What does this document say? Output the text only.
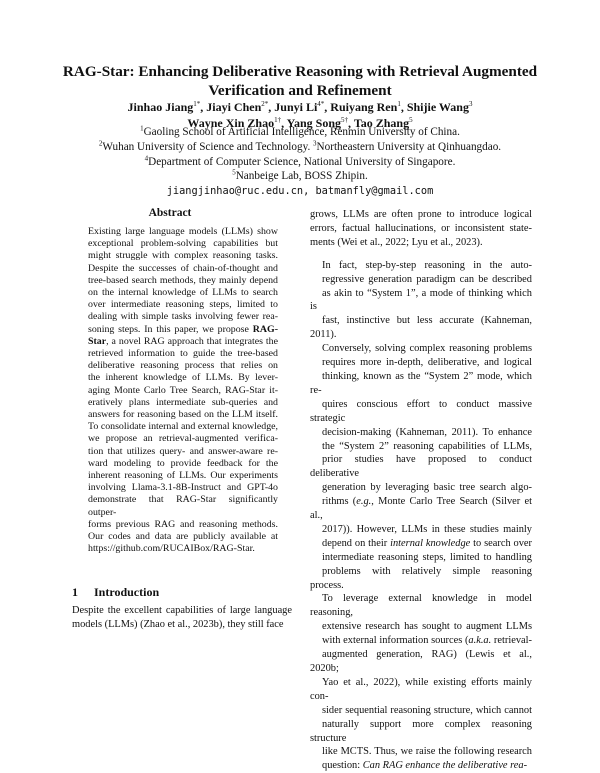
RAG-Star: Enhancing Deliberative Reasoning with Retrieval Augmented
Verification and Refinement
Jinhao Jiang$^{1*}$, Jiayi Chen$^{2*}$, Junyi $Li^{4*}$, Ruiyang Ren$^1$, Shijie Wang$^3$
Wayne Xin Zhao$^{1\dagger}$, Yang Song$^{5\dagger}$, Tao Zhang$^5$
$^1$Gaoling School of Artificial Intelligence, Renmin University of China.
$^2$Wuhan University of Science and Technology. $^3$Northeastern University at Qinhuangdao.
$^4$Department of Computer Science, National University of Singapore.
$^5$Nanbeige Lab, BOSS Zhipin.
jiangjinhao@ruc.edu.cn, batmanfly@gmail.com
Abstract
Existing large language models (LLMs) show
exceptional problem-solving capabilities but
might struggle with complex reasoning tasks.
Despite the successes of chain-of-thought and
tree-based search methods, they mainly depend
on the internal knowledge of LLMs to search
over intermediate reasoning steps, limited to
dealing with simple tasks involving fewer rea-
soning steps. In this paper, we propose RAG-
Star, a novel RAG approach that integrates the
retrieved information to guide the tree-based
deliberative reasoning process that relies on
the inherent knowledge of LLMs. By lever-
aging Monte Carlo Tree Search, RAG-Star it-
eratively plans intermediate sub-queries and
answers for reasoning based on the LLM itself.
To consolidate internal and external knowledge,
we propose an retrieval-augmented verifica-
tion that utilizes query- and answer-aware re-
ward modeling to provide feedback for the
inherent reasoning of LLMs. Our experiments
involving Llama-3.1-8B-Instruct and GPT-4o
demonstrate that RAG-Star significantly outper-
forms previous RAG and reasoning methods.
Our codes and data are publicly available at
https://github.com/RUCAIBox/RAG-Star.
1 Introduction
Despite the excellent capabilities of large language
models (LLMs) (Zhao et al., 2023b), they still face

grows, LLMs are often prone to introduce logical
errors, factual hallucinations, or inconsistent state-
ments (Wei et al., 2022; Lyu et al., 2023).

In fact, step-by-step reasoning in the auto-
regressive generation paradigm can be described
as akin to “System 1”, a mode of thinking which is
fast, instinctive but less accurate (Kahneman, 2011).
Conversely, solving complex reasoning problems
requires more in-depth, deliberative, and logical
thinking, known as the “System 2” mode, which re-
quires conscious effort to conduct massive strategic
decision-making (Kahneman, 2011). To enhance
the “System 2” reasoning capabilities of LLMs,
prior studies have proposed to conduct deliberative
generation by leveraging basic tree search algo-
rithms (e.g., Monte Carlo Tree Search (Silver et al.,
2017)). However, LLMs in these studies mainly
depend on their internal knowledge to search over
intermediate reasoning steps, limited to handling
problems with relatively simple reasoning process.
To leverage external knowledge in model reasoning,
extensive research has sought to augment LLMs
with external information sources (a.k.a. retrieval-
augmented generation, RAG) (Lewis et al., 2020b;
Yao et al., 2022), while existing efforts mainly con-
sider sequential reasoning structure, which cannot
naturally support more complex reasoning structure
like MCTS. Thus, we raise the following research
question: Can RAG enhance the deliberative rea-
